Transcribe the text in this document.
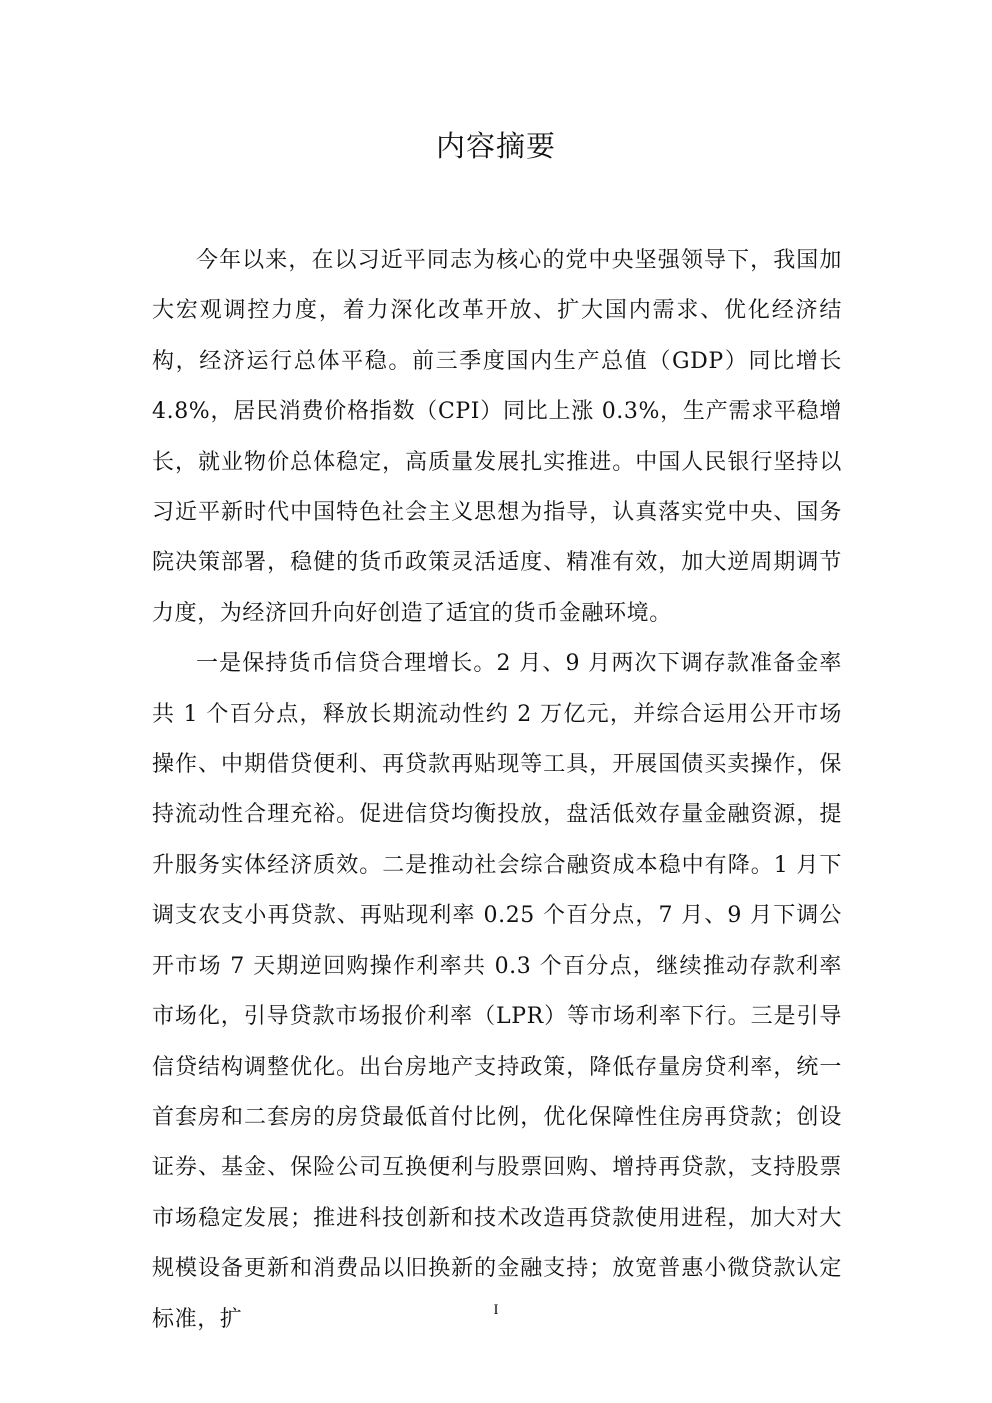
内容摘要

今年以来，在以习近平同志为核心的党中央坚强领导下，我国加大宏观调控力度，着力深化改革开放、扩大国内需求、优化经济结构，经济运行总体平稳。前三季度国内生产总值（GDP）同比增长 4.8%，居民消费价格指数（CPI）同比上涨 0.3%，生产需求平稳增长，就业物价总体稳定，高质量发展扎实推进。中国人民银行坚持以习近平新时代中国特色社会主义思想为指导，认真落实党中央、国务院决策部署，稳健的货币政策灵活适度、精准有效，加大逆周期调节力度，为经济回升向好创造了适宜的货币金融环境。

一是保持货币信贷合理增长。2 月、9 月两次下调存款准备金率共 1 个百分点，释放长期流动性约 2 万亿元，并综合运用公开市场操作、中期借贷便利、再贷款再贴现等工具，开展国债买卖操作，保持流动性合理充裕。促进信贷均衡投放，盘活低效存量金融资源，提升服务实体经济质效。二是推动社会综合融资成本稳中有降。1 月下调支农支小再贷款、再贴现利率 0.25 个百分点，7 月、9 月下调公开市场 7 天期逆回购操作利率共 0.3 个百分点，继续推动存款利率市场化，引导贷款市场报价利率（LPR）等市场利率下行。三是引导信贷结构调整优化。出台房地产支持政策，降低存量房贷利率，统一首套房和二套房的房贷最低首付比例，优化保障性住房再贷款；创设证券、基金、保险公司互换便利与股票回购、增持再贷款，支持股票市场稳定发展；推进科技创新和技术改造再贷款使用进程，加大对大规模设备更新和消费品以旧换新的金融支持；放宽普惠小微贷款认定标准，扩	I
